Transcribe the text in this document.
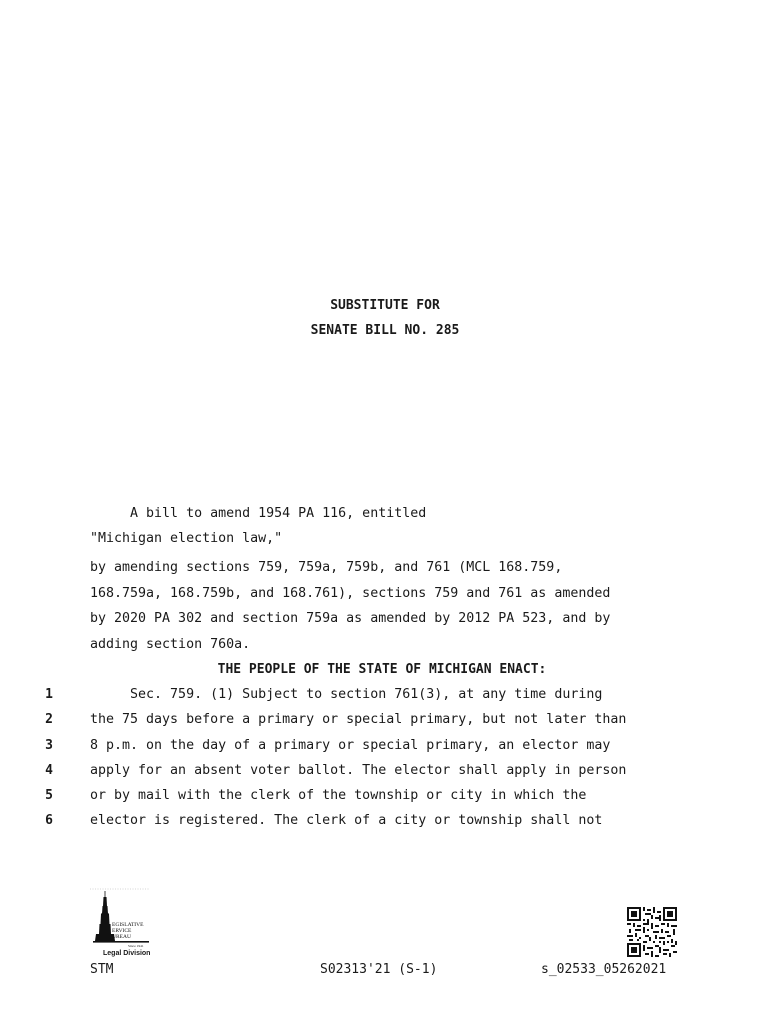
SUBSTITUTE FOR
SENATE BILL NO. 285
A bill to amend 1954 PA 116, entitled
"Michigan election law,"
by amending sections 759, 759a, 759b, and 761 (MCL 168.759,
168.759a, 168.759b, and 168.761), sections 759 and 761 as amended
by 2020 PA 302 and section 759a as amended by 2012 PA 523, and by
adding section 760a.
THE PEOPLE OF THE STATE OF MICHIGAN ENACT:
1	Sec. 759. (1) Subject to section 761(3), at any time during
2	the 75 days before a primary or special primary, but not later than
3	8 p.m. on the day of a primary or special primary, an elector may
4	apply for an absent voter ballot. The elector shall apply in person
5	or by mail with the clerk of the township or city in which the
6	elector is registered. The clerk of a city or township shall not
EGISLATIVE
ERVICE
UREAU
Since 1941
Legal Division
STM	S02313'21 (S-1)	s_02533_05262021
